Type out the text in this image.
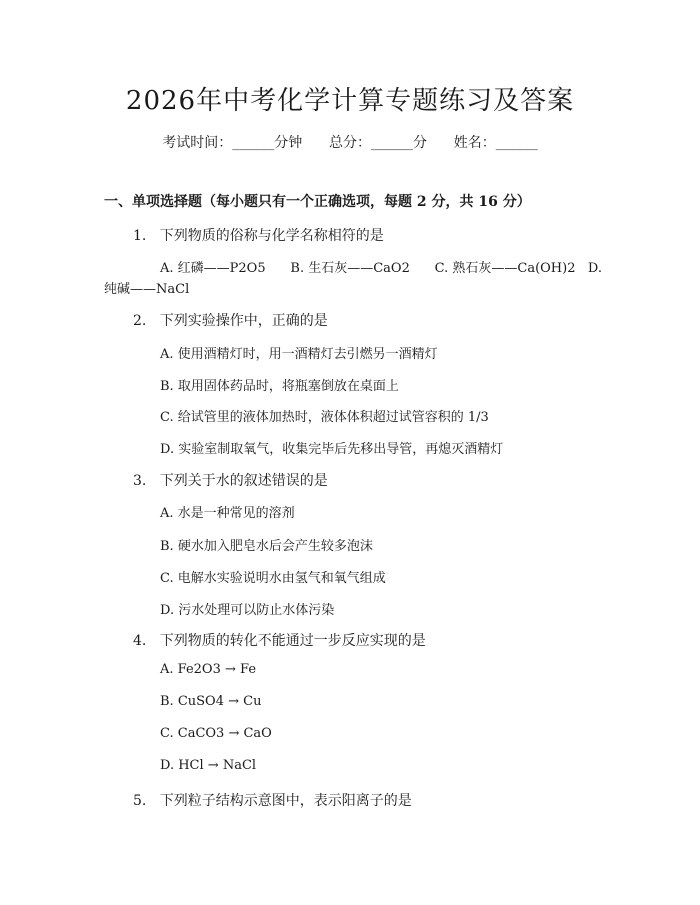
2026年中考化学计算专题练习及答案
考试时间：______分钟      总分：______分      姓名：______
一、单项选择题（每小题只有一个正确选项，每题 2 分，共 16 分）
1.   下列物质的俗称与化学名称相符的是
A. 红磷——P2O5      B. 生石灰——CaO2      C. 熟石灰——Ca(OH)2   D.
纯碱——NaCl
2.   下列实验操作中，正确的是
A. 使用酒精灯时，用一酒精灯去引燃另一酒精灯
B. 取用固体药品时，将瓶塞倒放在桌面上
C. 给试管里的液体加热时，液体体积超过试管容积的 1/3
D. 实验室制取氧气，收集完毕后先移出导管，再熄灭酒精灯
3.   下列关于水的叙述错误的是
A. 水是一种常见的溶剂
B. 硬水加入肥皂水后会产生较多泡沫
C. 电解水实验说明水由氢气和氧气组成
D. 污水处理可以防止水体污染
4.   下列物质的转化不能通过一步反应实现的是
A. Fe2O3 → Fe
B. CuSO4 → Cu
C. CaCO3 → CaO
D. HCl → NaCl
5.   下列粒子结构示意图中，表示阳离子的是
